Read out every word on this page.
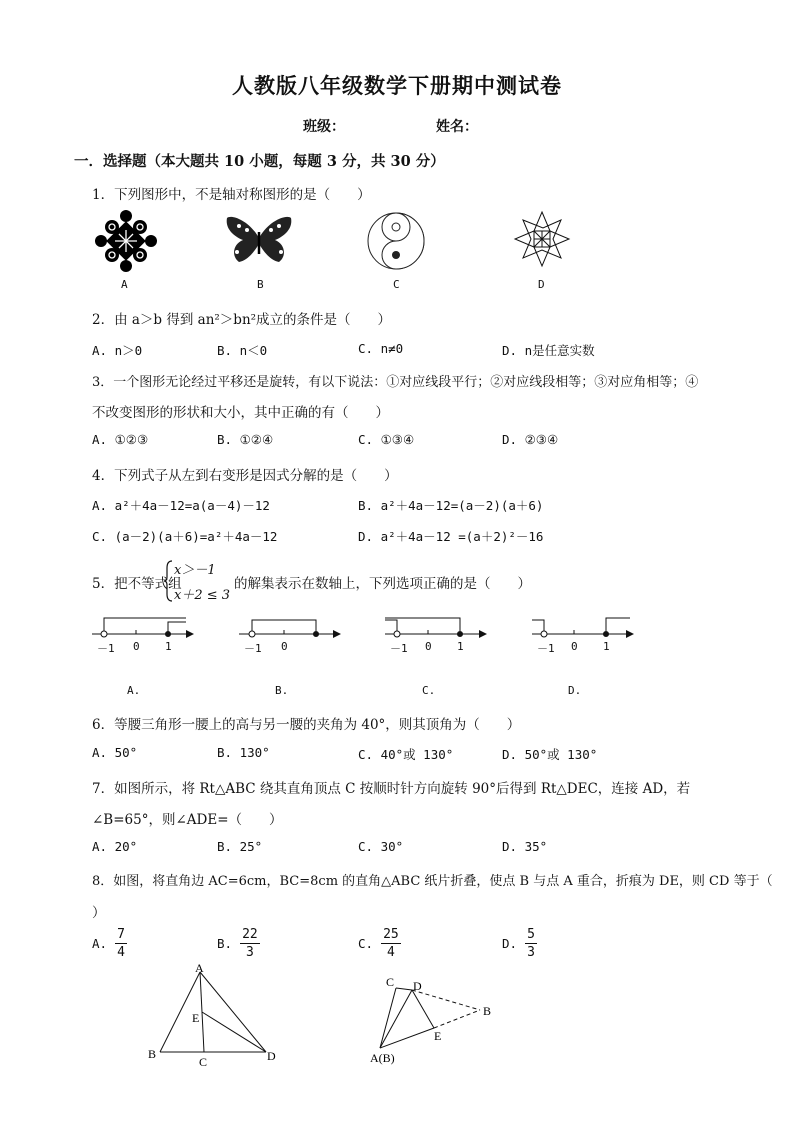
人教版八年级数学下册期中测试卷
班级：	姓名：
一．选择题（本大题共 10 小题，每题 3 分，共 30 分）
1．下列图形中，不是轴对称图形的是（　　）
A	B	C	D
2．由 a＞b 得到 an²＞bn²成立的条件是（　　）
A. n＞0	B. n＜0	C. n≠0	D. n是任意实数
3．一个图形无论经过平移还是旋转，有以下说法：①对应线段平行；②对应线段相等；③对应角相等；④
不改变图形的形状和大小，其中正确的有（　　）
A. ①②③	B. ①②④	C. ①③④	D. ②③④
4．下列式子从左到右变形是因式分解的是（　　）
A. a²＋4a－12=a(a－4)－12	B. a²＋4a－12=(a－2)(a＋6)
C. (a－2)(a＋6)=a²＋4a－12	D. a²＋4a－12 =(a＋2)²－16
5．把不等式组
x＞－1
x＋2 ≤ 3
的解集表示在数轴上，下列选项正确的是（　　）
－1 0 1	－1 0	－1 0 1	－1 0 1
A.	B.	C.	D.
6．等腰三角形一腰上的高与另一腰的夹角为 40°，则其顶角为（　　）
A. 50°	B. 130°	C. 40°或 130°	D. 50°或 130°
7．如图所示，将 Rt△ABC 绕其直角顶点 C 按顺时针方向旋转 90°后得到 Rt△DEC，连接 AD，若
∠B=65°，则∠ADE=（　　）
A. 20°	B. 25°	C. 30°	D. 35°
8．如图，将直角边 AC=6cm，BC=8cm 的直角△ABC 纸片折叠，使点 B 与点 A 重合，折痕为 DE，则 CD 等于（
）
A. $\frac{7}{4}$	B. $\frac{22}{3}$	C. $\frac{25}{4}$	D. $\frac{5}{3}$
A
E
B
C	D
C D
B
E
A(B)
